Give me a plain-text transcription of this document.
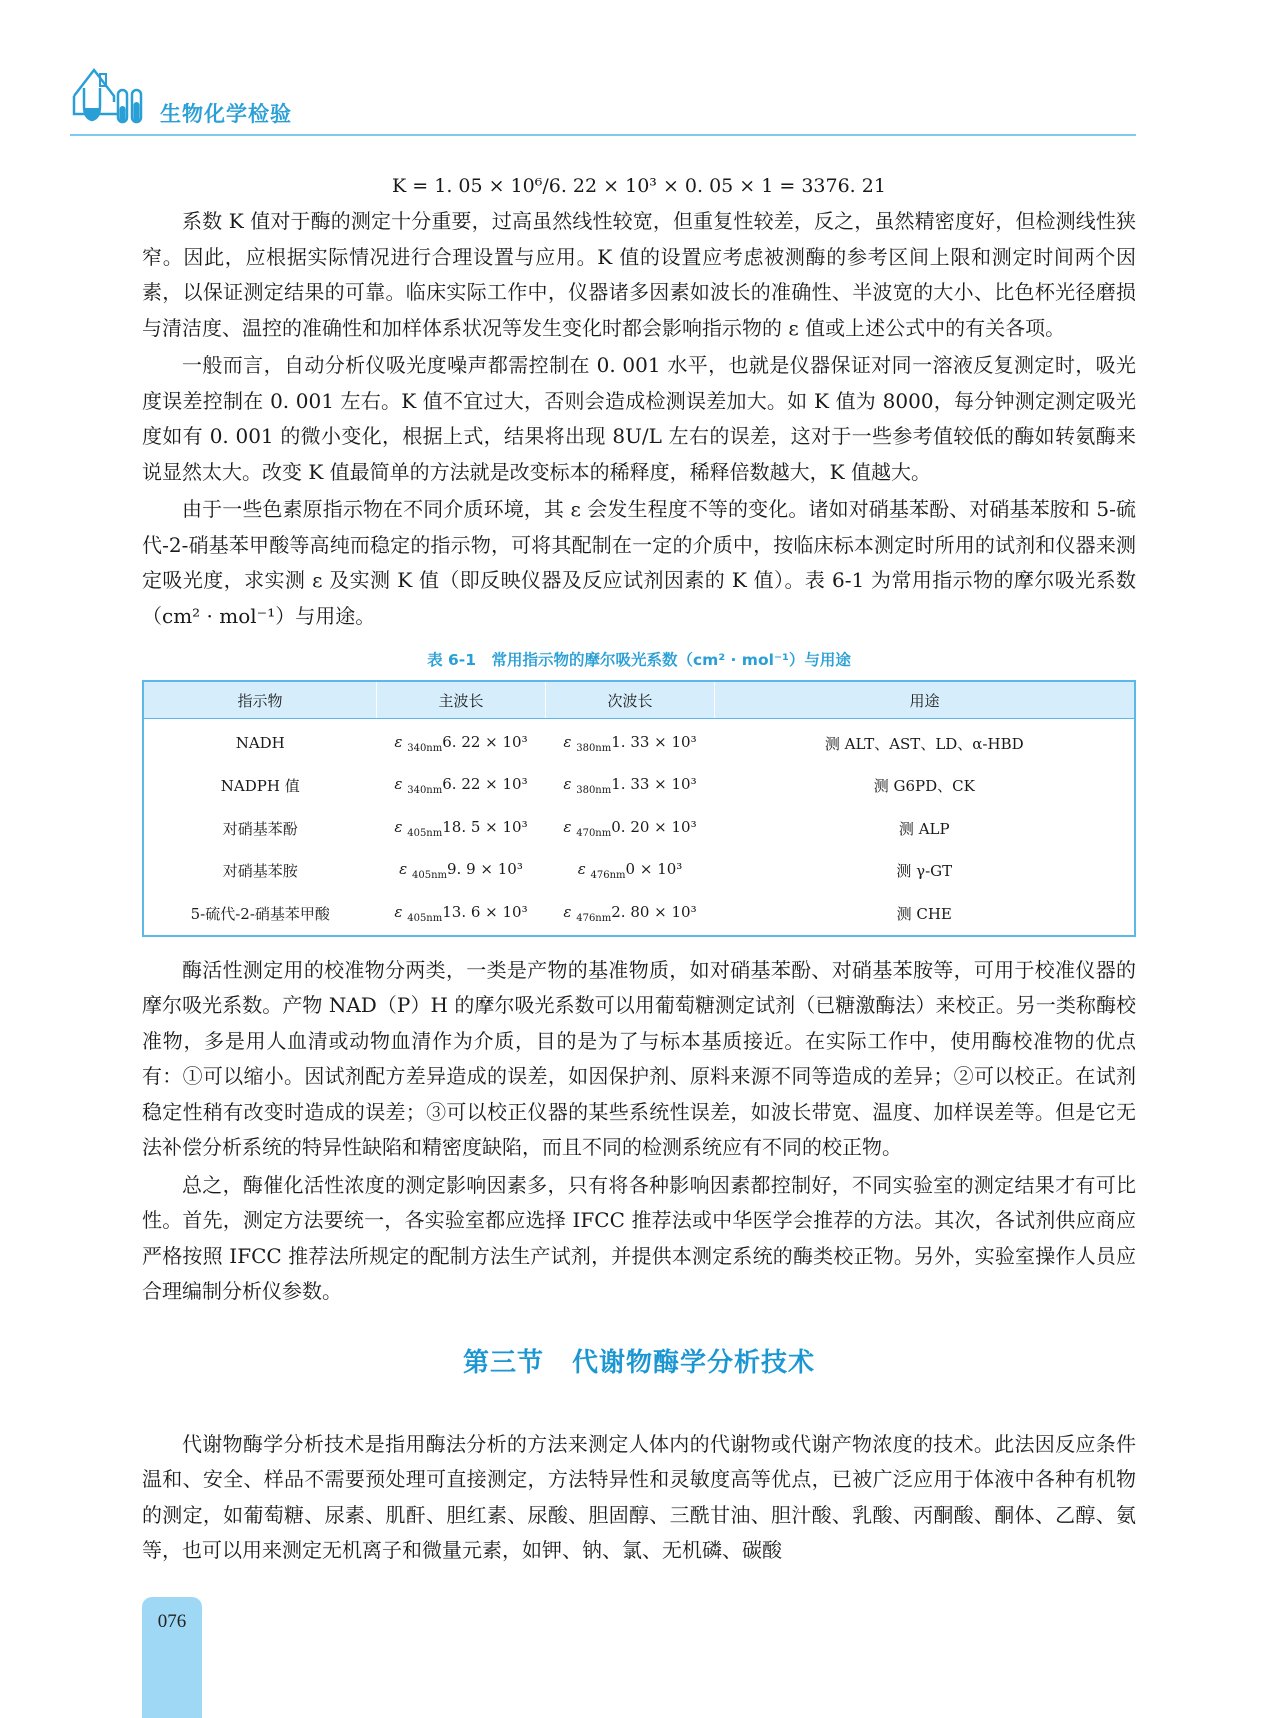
生物化学检验
K = 1. 05 × 10⁶/6. 22 × 10³ × 0. 05 × 1 = 3376. 21

系数 K 值对于酶的测定十分重要，过高虽然线性较宽，但重复性较差，反之，虽然精密度好，但检测线性狭窄。因此，应根据实际情况进行合理设置与应用。K 值的设置应考虑被测酶的参考区间上限和测定时间两个因素，以保证测定结果的可靠。临床实际工作中，仪器诸多因素如波长的准确性、半波宽的大小、比色杯光径磨损与清洁度、温控的准确性和加样体系状况等发生变化时都会影响指示物的 ε 值或上述公式中的有关各项。

一般而言，自动分析仪吸光度噪声都需控制在 0. 001 水平，也就是仪器保证对同一溶液反复测定时，吸光度误差控制在 0. 001 左右。K 值不宜过大，否则会造成检测误差加大。如 K 值为 8000，每分钟测定测定吸光度如有 0. 001 的微小变化，根据上式，结果将出现 8U/L 左右的误差，这对于一些参考值较低的酶如转氨酶来说显然太大。改变 K 值最简单的方法就是改变标本的稀释度，稀释倍数越大，K 值越大。

由于一些色素原指示物在不同介质环境，其 ε 会发生程度不等的变化。诸如对硝基苯酚、对硝基苯胺和 5-硫代-2-硝基苯甲酸等高纯而稳定的指示物，可将其配制在一定的介质中，按临床标本测定时所用的试剂和仪器来测定吸光度，求实测 ε 及实测 K 值（即反映仪器及反应试剂因素的 K 值）。表 6-1 为常用指示物的摩尔吸光系数（cm² · mol⁻¹）与用途。

表 6-1　常用指示物的摩尔吸光系数（cm² · mol⁻¹）与用途
指示物	主波长	次波长	用途
NADH	ε $_{340nm}$6. 22 × 10³	ε $_{380nm}$1. 33 × 10³	测 ALT、AST、LD、α-HBD
NADPH 值	ε $_{340nm}$6. 22 × 10³	ε $_{380nm}$1. 33 × 10³	测 G6PD、CK
对硝基苯酚	ε $_{405nm}$18. 5 × 10³	ε $_{470nm}$0. 20 × 10³	测 ALP
对硝基苯胺	ε $_{405nm}$9. 9 × 10³	ε $_{476nm}$0 × 10³	测 γ-GT
5-硫代-2-硝基苯甲酸	ε $_{405nm}$13. 6 × 10³	ε $_{476nm}$2. 80 × 10³	测 CHE

酶活性测定用的校准物分两类，一类是产物的基准物质，如对硝基苯酚、对硝基苯胺等，可用于校准仪器的摩尔吸光系数。产物 NAD（P）H 的摩尔吸光系数可以用葡萄糖测定试剂（已糖激酶法）来校正。另一类称酶校准物，多是用人血清或动物血清作为介质，目的是为了与标本基质接近。在实际工作中，使用酶校准物的优点有：①可以缩小。因试剂配方差异造成的误差，如因保护剂、原料来源不同等造成的差异；②可以校正。在试剂稳定性稍有改变时造成的误差；③可以校正仪器的某些系统性误差，如波长带宽、温度、加样误差等。但是它无法补偿分析系统的特异性缺陷和精密度缺陷，而且不同的检测系统应有不同的校正物。

总之，酶催化活性浓度的测定影响因素多，只有将各种影响因素都控制好，不同实验室的测定结果才有可比性。首先，测定方法要统一，各实验室都应选择 IFCC 推荐法或中华医学会推荐的方法。其次，各试剂供应商应严格按照 IFCC 推荐法所规定的配制方法生产试剂，并提供本测定系统的酶类校正物。另外，实验室操作人员应合理编制分析仪参数。

第三节 代谢物酶学分析技术

代谢物酶学分析技术是指用酶法分析的方法来测定人体内的代谢物或代谢产物浓度的技术。此法因反应条件温和、安全、样品不需要预处理可直接测定，方法特异性和灵敏度高等优点，已被广泛应用于体液中各种有机物的测定，如葡萄糖、尿素、肌酐、胆红素、尿酸、胆固醇、三酰甘油、胆汁酸、乳酸、丙酮酸、酮体、乙醇、氨等，也可以用来测定无机离子和微量元素，如钾、钠、氯、无机磷、碳酸

076
